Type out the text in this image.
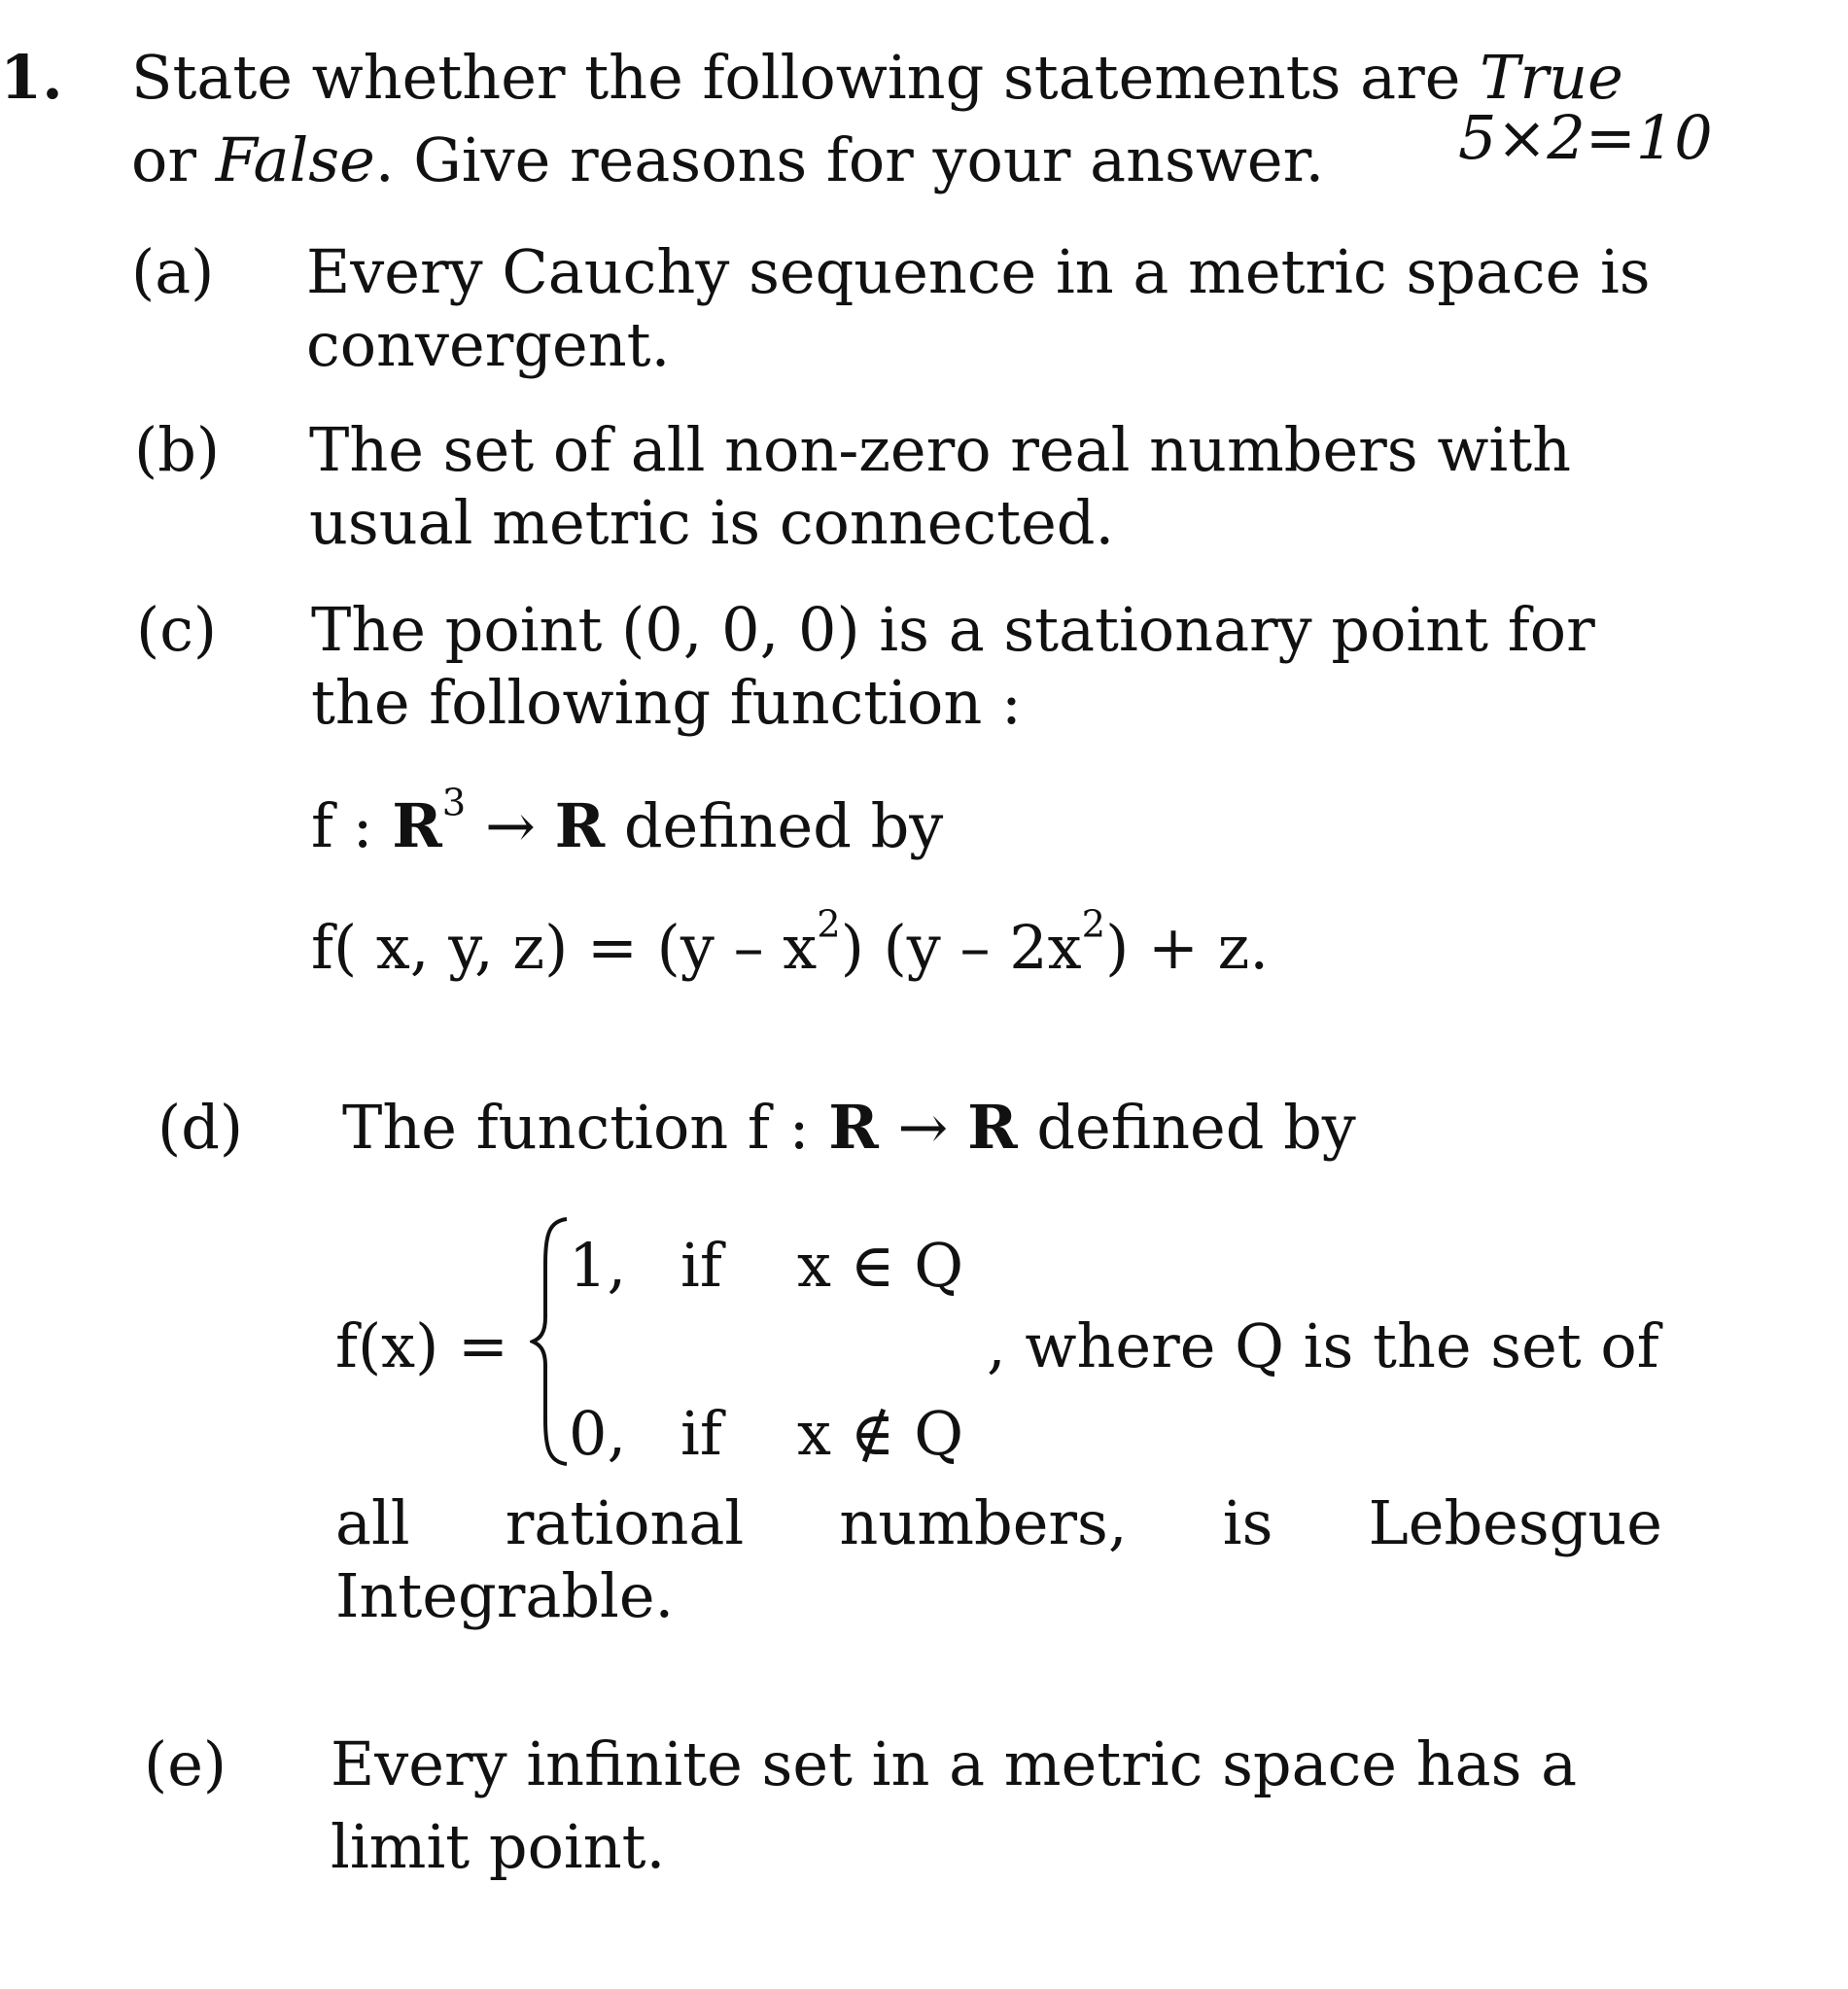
1. State whether the following statements are True
or False. Give reasons for your answer. 5×2=10
(a) Every Cauchy sequence in a metric space is
convergent.
(b) The set of all non-zero real numbers with
usual metric is connected.
(c) The point (0, 0, 0) is a stationary point for
the following function :
f : $R^3 \to R$ defined by
f( x, y, $z) = (y - x^2)$ $(y - 2x^2) + z$.
(d) The function f : R → R defined by
f(x) =
1, if x ∈ Q
0, if x ∉ Q
, where Q is the set of
all rational numbers, is Lebesgue
Integrable.
(e) Every infinite set in a metric space has a
limit point.
